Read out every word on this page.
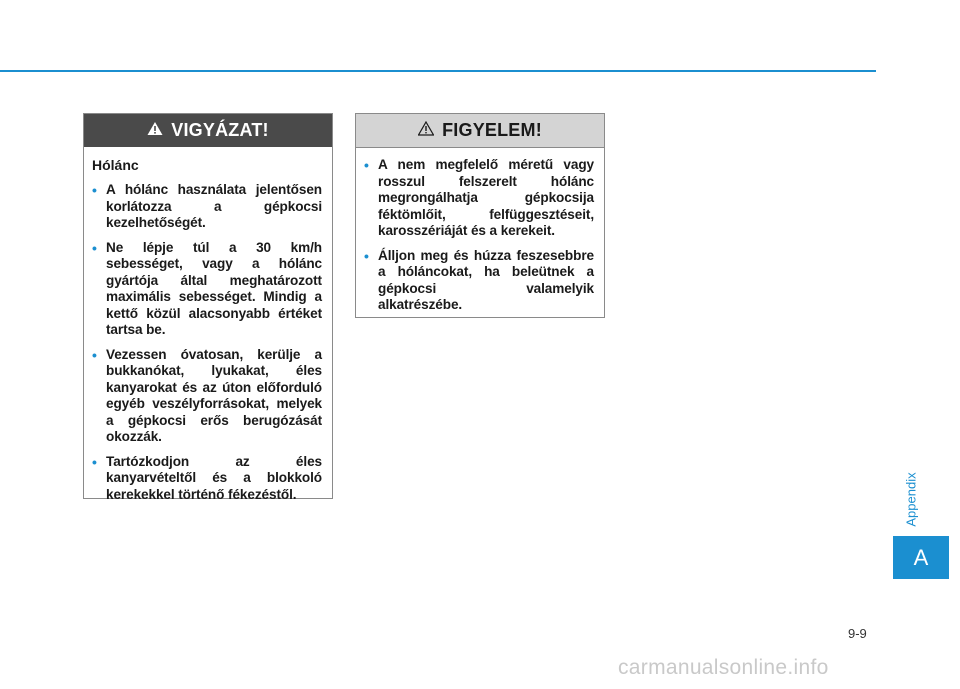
VIGYÁZAT!
Hólánc
• A hólánc használata jelentősen korlátozza a gépkocsi kezelhetőségét.
• Ne lépje túl a 30 km/h sebességet, vagy a hólánc gyártója által meghatározott maximális sebességet. Mindig a kettő közül alacsonyabb értéket tartsa be.
• Vezessen óvatosan, kerülje a bukkanókat, lyukakat, éles kanyarokat és az úton előforduló egyéb veszélyforrásokat, melyek a gépkocsi erős berugózását okozzák.
• Tartózkodjon az éles kanyarvételtől és a blokkoló kerekekkel történő fékezéstől.
FIGYELEM!
• A nem megfelelő méretű vagy rosszul felszerelt hólánc megrongálhatja gépkocsija féktömlőit, felfüggesztéseit, karosszériáját és a kerekeit.
• Álljon meg és húzza feszesebbre a hóláncokat, ha beleütnek a gépkocsi valamelyik alkatrészébe.
Appendix
A
9-9
carmanualsonline.info
